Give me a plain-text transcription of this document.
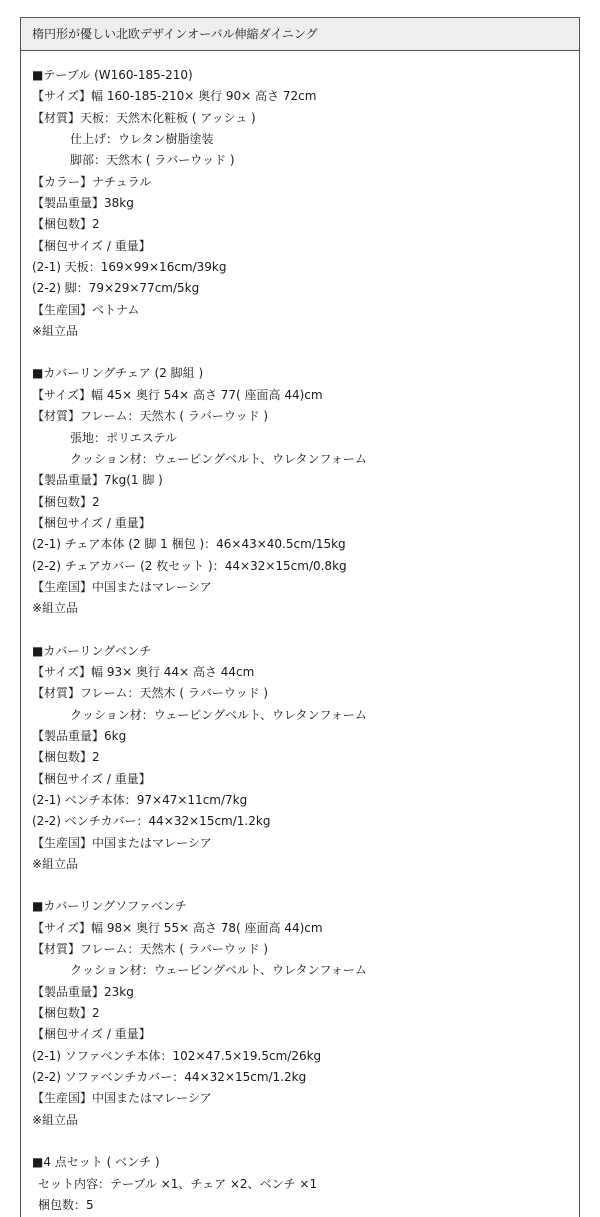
楕円形が優しい北欧デザインオーバル伸縮ダイニング
■テーブル (W160-185-210)
【サイズ】幅 160-185-210× 奥行 90× 高さ 72cm
【材質】天板：天然木化粧板 ( アッシュ )
仕上げ：ウレタン樹脂塗装
脚部：天然木 ( ラバーウッド )
【カラー】ナチュラル
【製品重量】38kg
【梱包数】2
【梱包サイズ / 重量】
(2-1) 天板：169×99×16cm/39kg
(2-2) 脚：79×29×77cm/5kg
【生産国】ベトナム
※組立品
■カバーリングチェア (2 脚組 )
【サイズ】幅 45× 奥行 54× 高さ 77( 座面高 44)cm
【材質】フレーム：天然木 ( ラバーウッド )
張地：ポリエステル
クッション材：ウェービングベルト、ウレタンフォーム
【製品重量】7kg(1 脚 )
【梱包数】2
【梱包サイズ / 重量】
(2-1) チェア本体 (2 脚 1 梱包 )：46×43×40.5cm/15kg
(2-2) チェアカバー (2 枚セット )：44×32×15cm/0.8kg
【生産国】中国またはマレーシア
※組立品
■カバーリングベンチ
【サイズ】幅 93× 奥行 44× 高さ 44cm
【材質】フレーム：天然木 ( ラバーウッド )
クッション材：ウェービングベルト、ウレタンフォーム
【製品重量】6kg
【梱包数】2
【梱包サイズ / 重量】
(2-1) ベンチ本体：97×47×11cm/7kg
(2-2) ベンチカバー：44×32×15cm/1.2kg
【生産国】中国またはマレーシア
※組立品
■カバーリングソファベンチ
【サイズ】幅 98× 奥行 55× 高さ 78( 座面高 44)cm
【材質】フレーム：天然木 ( ラバーウッド )
クッション材：ウェービングベルト、ウレタンフォーム
【製品重量】23kg
【梱包数】2
【梱包サイズ / 重量】
(2-1) ソファベンチ本体：102×47.5×19.5cm/26kg
(2-2) ソファベンチカバー：44×32×15cm/1.2kg
【生産国】中国またはマレーシア
※組立品
■4 点セット ( ベンチ )
セット内容：テーブル ×1、チェア ×2、ベンチ ×1
梱包数：5
